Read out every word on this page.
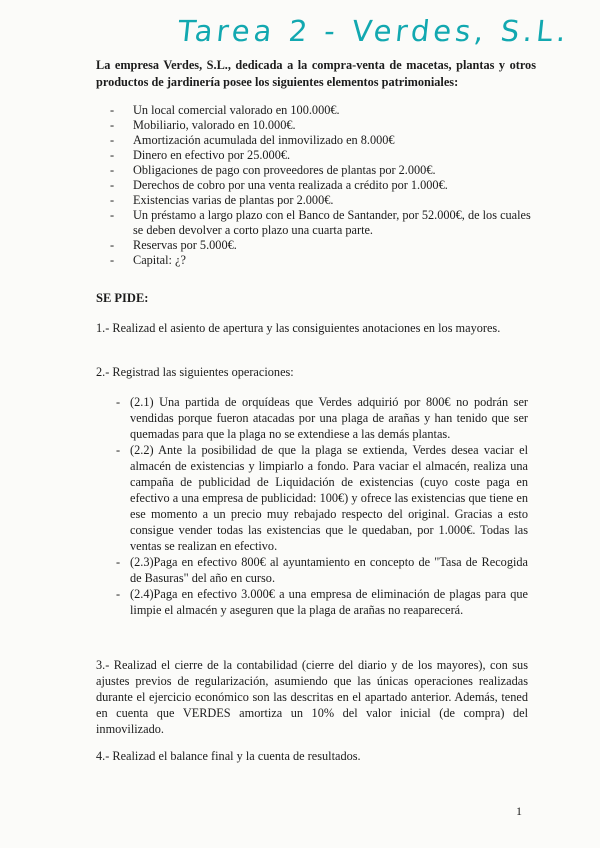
Tarea 2 - Verdes, S.L.
La empresa Verdes, S.L., dedicada a la compra-venta de macetas, plantas y otros productos de jardinería posee los siguientes elementos patrimoniales:
- Un local comercial valorado en 100.000€.
- Mobiliario, valorado en 10.000€.
- Amortización acumulada del inmovilizado en 8.000€
- Dinero en efectivo por 25.000€.
- Obligaciones de pago con proveedores de plantas por 2.000€.
- Derechos de cobro por una venta realizada a crédito por 1.000€.
- Existencias varias de plantas por 2.000€.
- Un préstamo a largo plazo con el Banco de Santander, por 52.000€, de los cuales se deben devolver a corto plazo una cuarta parte.
- Reservas por 5.000€.
- Capital: ¿?
SE PIDE:
1.- Realizad el asiento de apertura y las consiguientes anotaciones en los mayores.
2.- Registrad las siguientes operaciones:
- (2.1) Una partida de orquídeas que Verdes adquirió por 800€ no podrán ser vendidas porque fueron atacadas por una plaga de arañas y han tenido que ser quemadas para que la plaga no se extendiese a las demás plantas.
- (2.2) Ante la posibilidad de que la plaga se extienda, Verdes desea vaciar el almacén de existencias y limpiarlo a fondo. Para vaciar el almacén, realiza una campaña de publicidad de Liquidación de existencias (cuyo coste paga en efectivo a una empresa de publicidad: 100€) y ofrece las existencias que tiene en ese momento a un precio muy rebajado respecto del original. Gracias a esto consigue vender todas las existencias que le quedaban, por 1.000€. Todas las ventas se realizan en efectivo.
- (2.3)Paga en efectivo 800€ al ayuntamiento en concepto de "Tasa de Recogida de Basuras" del año en curso.
- (2.4)Paga en efectivo 3.000€ a una empresa de eliminación de plagas para que limpie el almacén y aseguren que la plaga de arañas no reaparecerá.
3.- Realizad el cierre de la contabilidad (cierre del diario y de los mayores), con sus ajustes previos de regularización, asumiendo que las únicas operaciones realizadas durante el ejercicio económico son las descritas en el apartado anterior. Además, tened en cuenta que VERDES amortiza un 10% del valor inicial (de compra) del inmovilizado.
4.- Realizad el balance final y la cuenta de resultados.
1
